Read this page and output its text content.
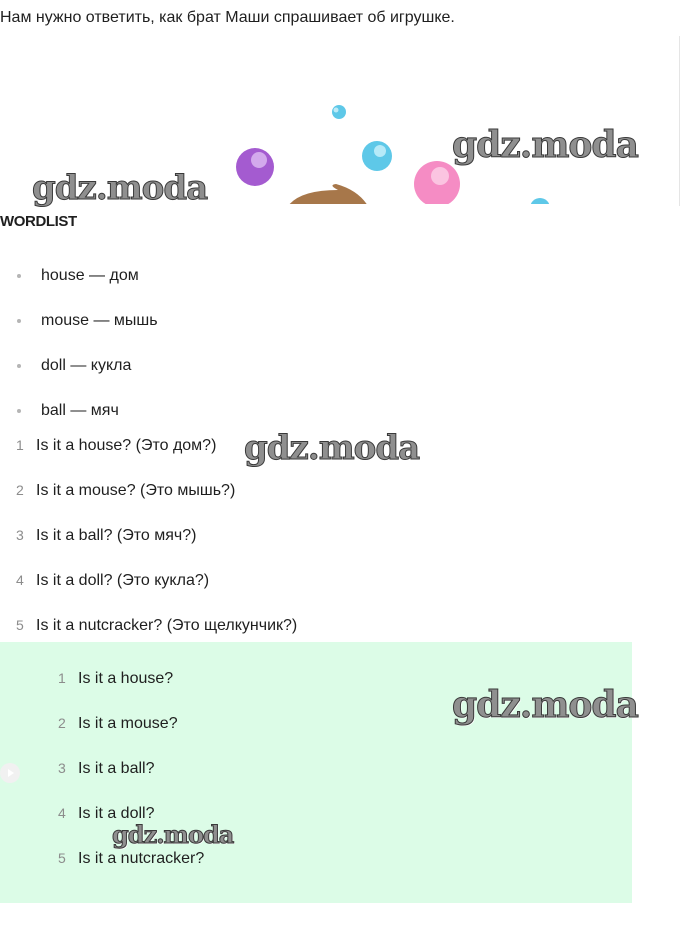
Нам нужно ответить, как брат Маши спрашивает об игрушке.

gdz.moda

gdz.moda

gdz.moda

gdz.moda

gdz.moda

WORDLIST
house — дом
mouse — мышь
doll — кукла
ball — мяч
1 Is it a house? (Это дом?)
2 Is it a mouse? (Это мышь?)
3 Is it a ball? (Это мяч?)
4 Is it a doll? (Это кукла?)
5 Is it a nutcracker? (Это щелкунчик?)
1 Is it a house?
2 Is it a mouse?
3 Is it a ball?
4 Is it a doll?
5 Is it a nutcracker?
